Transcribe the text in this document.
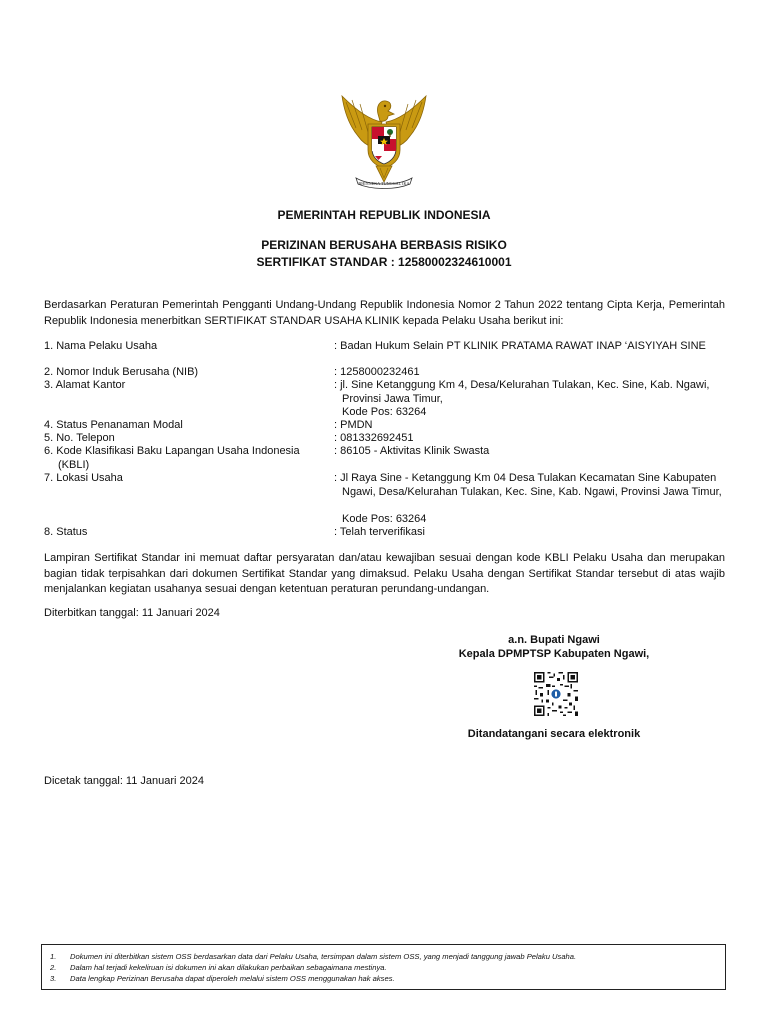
BHINNEKA TUNGGAL IKA
PEMERINTAH REPUBLIK INDONESIA
PERIZINAN BERUSAHA BERBASIS RISIKO
SERTIFIKAT STANDAR : 12580002324610001
Berdasarkan Peraturan Pemerintah Pengganti Undang-Undang Republik Indonesia Nomor 2 Tahun 2022 tentang Cipta Kerja, Pemerintah Republik Indonesia menerbitkan SERTIFIKAT STANDAR USAHA KLINIK kepada Pelaku Usaha berikut ini:
1. Nama Pelaku Usaha	: Badan Hukum Selain PT KLINIK PRATAMA RAWAT INAP ‘AISYIYAH SINE
2. Nomor Induk Berusaha (NIB)	: 1258000232461
3. Alamat Kantor	: jl. Sine Ketanggung Km 4, Desa/Kelurahan Tulakan, Kec. Sine, Kab. Ngawi, Provinsi Jawa Timur,
Kode Pos: 63264
4. Status Penanaman Modal	: PMDN
5. No. Telepon	: 081332692451
6. Kode Klasifikasi Baku Lapangan Usaha Indonesia (KBLI)
: 86105 - Aktivitas Klinik Swasta
7. Lokasi Usaha	: Jl Raya Sine - Ketanggung Km 04 Desa Tulakan Kecamatan Sine Kabupaten Ngawi, Desa/Kelurahan Tulakan, Kec. Sine, Kab. Ngawi, Provinsi Jawa Timur,
Kode Pos: 63264
8. Status	: Telah terverifikasi
Lampiran Sertifikat Standar ini memuat daftar persyaratan dan/atau kewajiban sesuai dengan kode KBLI Pelaku Usaha dan merupakan bagian tidak terpisahkan dari dokumen Sertifikat Standar yang dimaksud. Pelaku Usaha dengan Sertifikat Standar tersebut di atas wajib menjalankan kegiatan usahanya sesuai dengan ketentuan peraturan perundang-undangan.
Diterbitkan tanggal: 11 Januari 2024
a.n. Bupati Ngawi
Kepala DPMPTSP Kabupaten Ngawi,
Ditandatangani secara elektronik
Dicetak tanggal: 11 Januari 2024
1. Dokumen ini diterbitkan sistem OSS berdasarkan data dari Pelaku Usaha, tersimpan dalam sistem OSS, yang menjadi tanggung jawab Pelaku Usaha.
2. Dalam hal terjadi kekeliruan isi dokumen ini akan dilakukan perbaikan sebagaimana mestinya.
3. Data lengkap Perizinan Berusaha dapat diperoleh melalui sistem OSS menggunakan hak akses.
